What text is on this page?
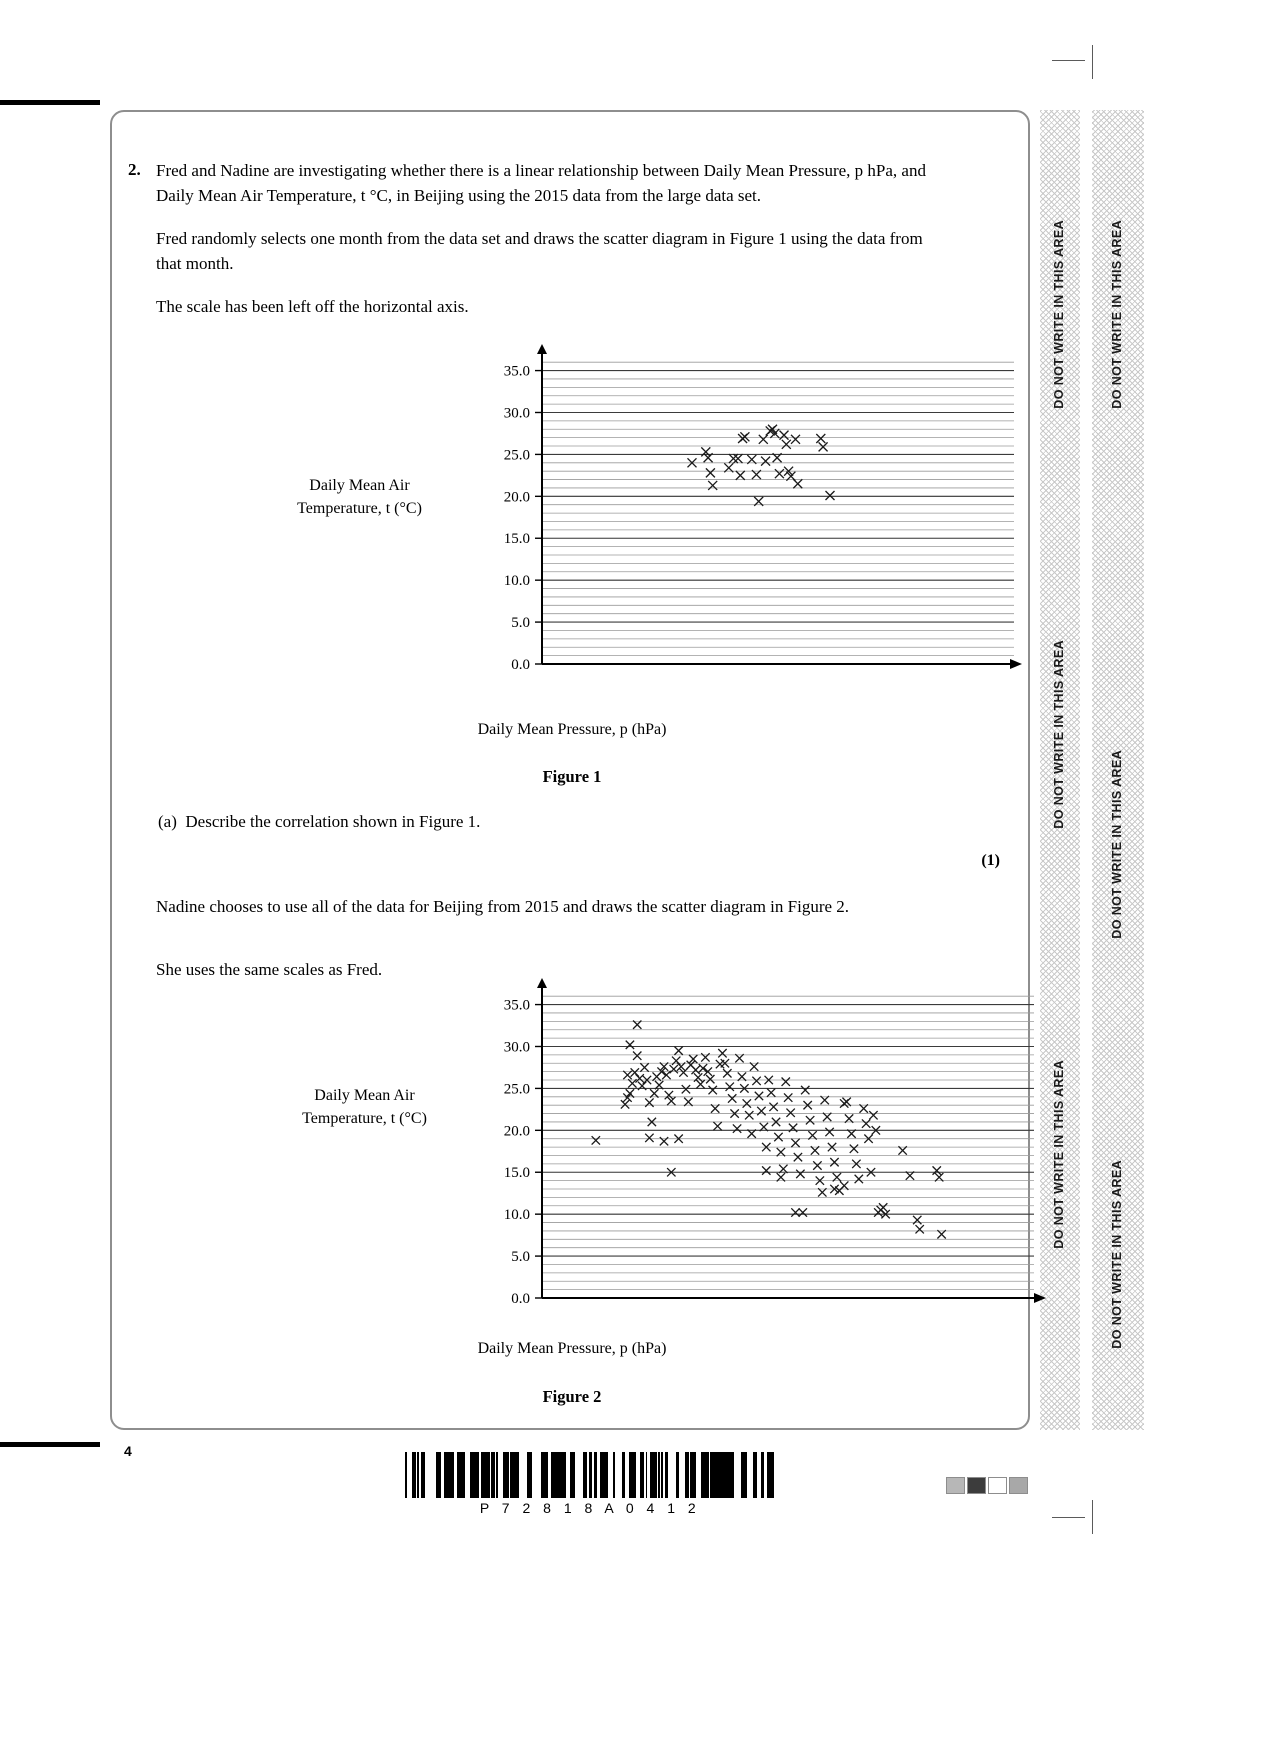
DO NOT WRITE IN THIS AREA
DO NOT WRITE IN THIS AREA
DO NOT WRITE IN THIS AREA
DO NOT WRITE IN THIS AREA
DO NOT WRITE IN THIS AREA
DO NOT WRITE IN THIS AREA
2. Fred and Nadine are investigating whether there is a linear relationship between Daily Mean Pressure, p hPa, and Daily Mean Air Temperature, t °C, in Beijing using the 2015 data from the large data set.

Fred randomly selects one month from the data set and draws the scatter diagram in Figure 1 using the data from that month.

The scale has been left off the horizontal axis.

Daily Mean Air
Temperature, t (°C)
0.0
5.0
10.0
15.0
20.0
25.0
30.0
35.0
Daily Mean Pressure, p (hPa)
Figure 1
(a) Describe the correlation shown in Figure 1.
(1)
Nadine chooses to use all of the data for Beijing from 2015 and draws the scatter diagram in Figure 2.
She uses the same scales as Fred.
Daily Mean Air
Temperature, t (°C)
0.0
5.0
10.0
15.0
20.0
25.0
30.0
35.0
Daily Mean Pressure, p (hPa)
Figure 2
4
P 7 2 8 1 8 A 0 4 1 2
